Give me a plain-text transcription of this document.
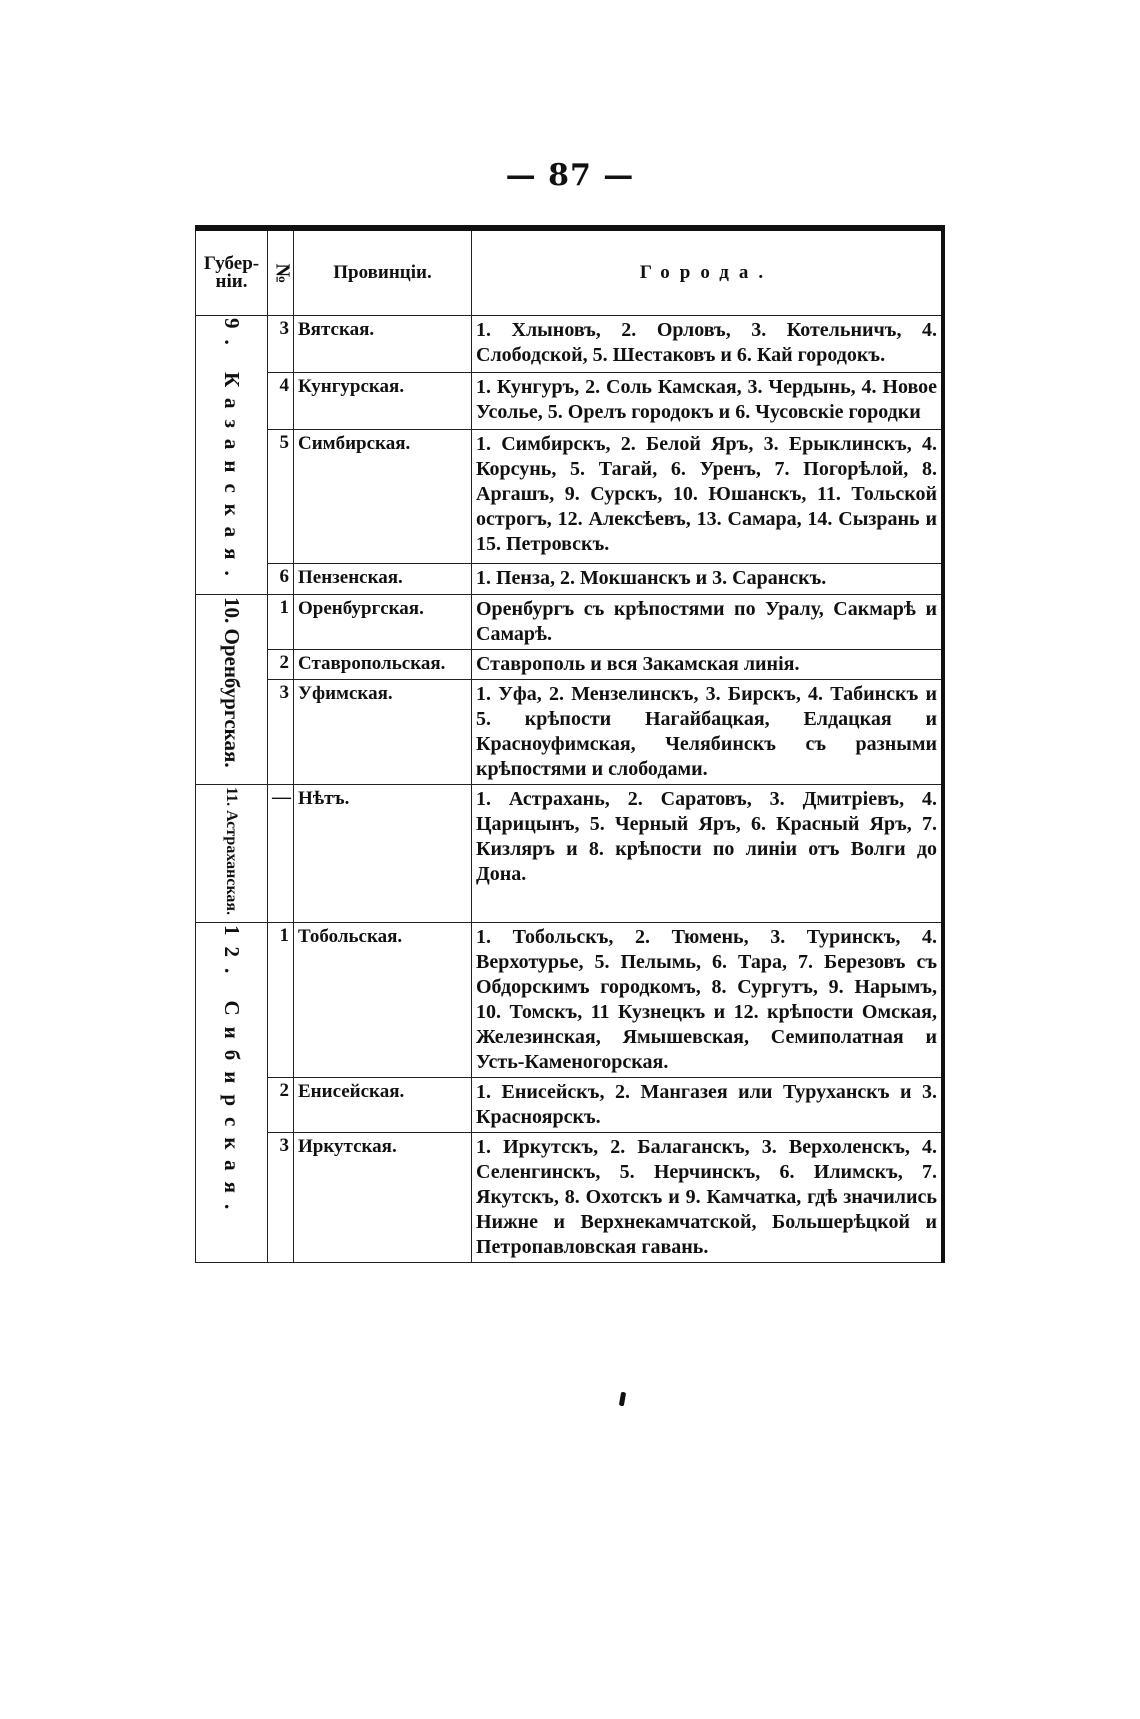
— 87 —
Губер-нiи.	№	Провинцiи.	Города.
9. Казанская.	3	Вятская.	1. Хлыновъ, 2. Орловъ, 3. Котельничъ, 4. Слободской, 5. Шестаковъ и 6. Кай городокъ.
	4	Кунгурская.	1. Кунгуръ, 2. Соль Камская, 3. Чердынь, 4. Новое Усолье, 5. Орелъ городокъ и 6. Чусовскiе городки
	5	Симбирская.	1. Симбирскъ, 2. Белой Яръ, 3. Ерыклинскъ, 4. Корсунь, 5. Тагай, 6. Уренъ, 7. Погорѣлой, 8. Аргашъ, 9. Сурскъ, 10. Юшанскъ, 11. Тольской острогъ, 12. Алексѣевъ, 13. Самара, 14. Сызрань и 15. Петровскъ.
	6	Пензенская.	1. Пенза, 2. Мокшанскъ и 3. Саранскъ.
10. Оренбургская.	1	Оренбургская.	Оренбургъ съ крѣпостями по Уралу, Сакмарѣ и Самарѣ.
	2	Ставропольская.	Ставрополь и вся Закамская линiя.
	3	Уфимская.	1. Уфа, 2. Мензелинскъ, 3. Бирскъ, 4. Табинскъ и 5. крѣпости Нагайбацкая, Елдацкая и Красноуфимская, Челябинскъ съ разными крѣпостями и слободами.
11. Астраханская.	—	Нѣтъ.	1. Астрахань, 2. Саратовъ, 3. Дмитрiевъ, 4. Царицынъ, 5. Черный Яръ, 6. Красный Яръ, 7. Кизляръ и 8. крѣпости по линiи отъ Волги до Дона.
12. Сибирская.	1	Тобольская.	1. Тобольскъ, 2. Тюмень, 3. Туринскъ, 4. Верхотурье, 5. Пелымь, 6. Тара, 7. Березовъ съ Обдорскимъ городкомъ, 8. Сургутъ, 9. Нарымъ, 10. Томскъ, 11 Кузнецкъ и 12. крѣпости Омская, Железинская, Ямышевская, Семиполатная и Усть-Каменогорская.
	2	Енисейская.	1. Енисейскъ, 2. Мангазея или Туруханскъ и 3. Красноярскъ.
	3	Иркутская.	1. Иркутскъ, 2. Балаганскъ, 3. Верхоленскъ, 4. Селенгинскъ, 5. Нерчинскъ, 6. Илимскъ, 7. Якутскъ, 8. Охотскъ и 9. Камчатка, гдѣ значились Нижне и Верхнекамчатской, Большерѣцкой и Петропавловская гавань.
